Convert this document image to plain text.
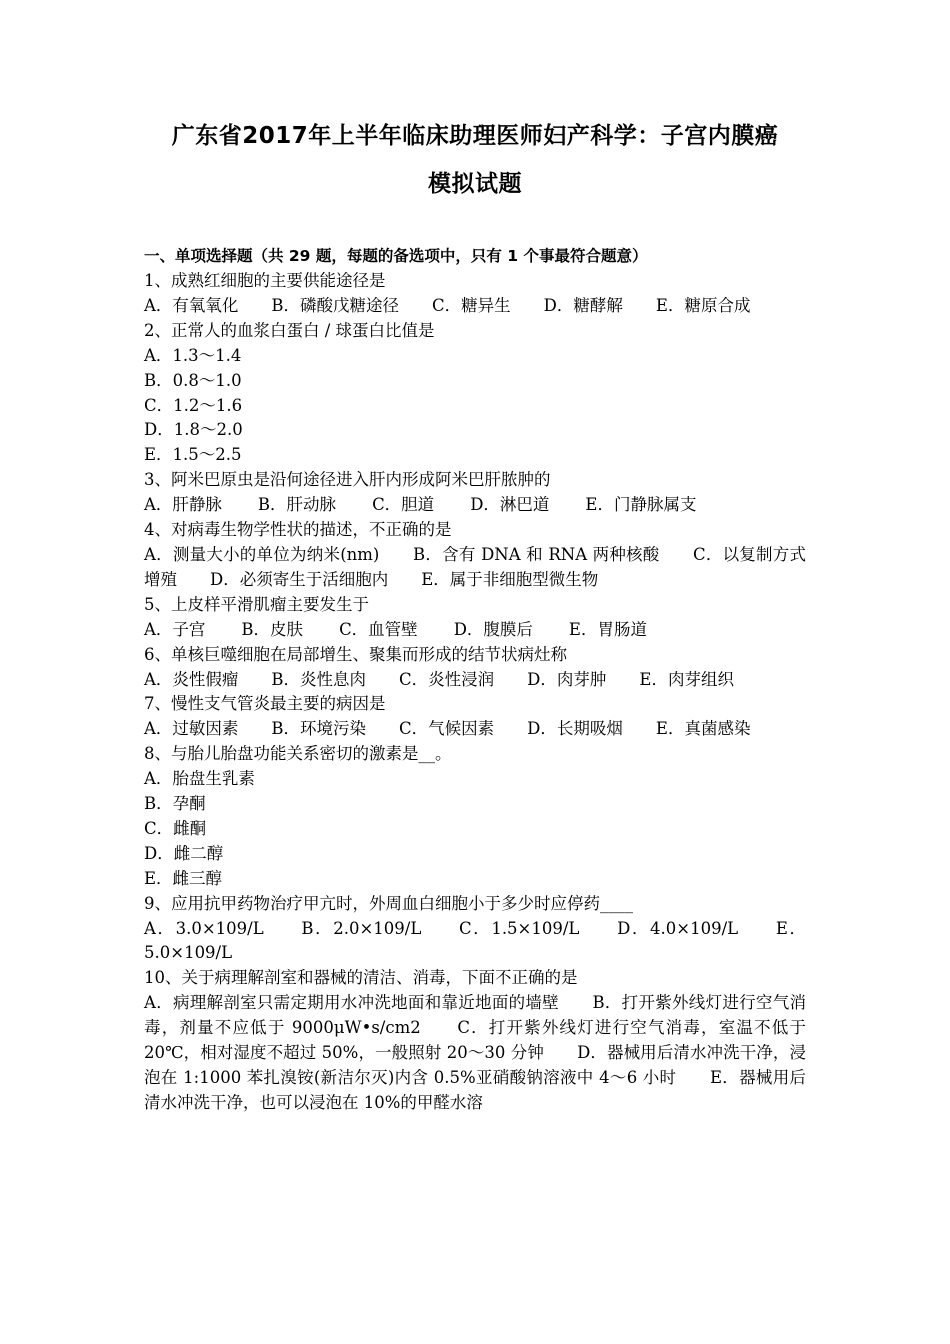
广东省2017年上半年临床助理医师妇产科学：子宫内膜癌
模拟试题

一、单项选择题（共 29 题，每题的备选项中，只有 1 个事最符合题意）

1、成熟红细胞的主要供能途径是

A．有氧氧化　　B．磷酸戊糖途径　　C．糖异生　　D．糖酵解　　E．糖原合成

2、正常人的血浆白蛋白 / 球蛋白比值是

A．1.3～1.4

B．0.8～1.0

C．1.2～1.6

D．1.8～2.0

E．1.5～2.5

3、阿米巴原虫是沿何途径进入肝内形成阿米巴肝脓肿的

A．肝静脉 B．肝动脉 C．胆道 D．淋巴道 E．门静脉属支

4、对病毒生物学性状的描述，不正确的是

A．测量大小的单位为纳米(nm)　　B．含有 DNA 和 RNA 两种核酸　　C．以复制方式增殖　　D．必须寄生于活细胞内　　E．属于非细胞型微生物

5、上皮样平滑肌瘤主要发生于

A．子宫 B．皮肤 C．血管壁 D．腹膜后 E．胃肠道

6、单核巨噬细胞在局部增生、聚集而形成的结节状病灶称

A．炎性假瘤　　B．炎性息肉　　C．炎性浸润　　D．肉芽肿　　E．肉芽组织

7、慢性支气管炎最主要的病因是

A．过敏因素　　B．环境污染　　C．气候因素　　D．长期吸烟　　E．真菌感染

8、与胎儿胎盘功能关系密切的激素是__。

A．胎盘生乳素

B．孕酮

C．雌酮

D．雌二醇

E．雌三醇

9、应用抗甲药物治疗甲亢时，外周血白细胞小于多少时应停药____

A．3.0×109/L　　B．2.0×109/L　　C．1.5×109/L　　D．4.0×109/L　　E．5.0×109/L

10、关于病理解剖室和器械的清洁、消毒，下面不正确的是

A．病理解剖室只需定期用水冲洗地面和靠近地面的墙壁　　B．打开紫外线灯进行空气消毒，剂量不应低于 9000μW•s/cm2　　C．打开紫外线灯进行空气消毒，室温不低于 20℃，相对湿度不超过 50%，一般照射 20～30 分钟　　D．器械用后清水冲洗干净，浸泡在 1:1000 苯扎溴铵(新洁尔灭)内含 0.5%亚硝酸钠溶液中 4～6 小时　　E．器械用后清水冲洗干净，也可以浸泡在 10%的甲醛水溶
